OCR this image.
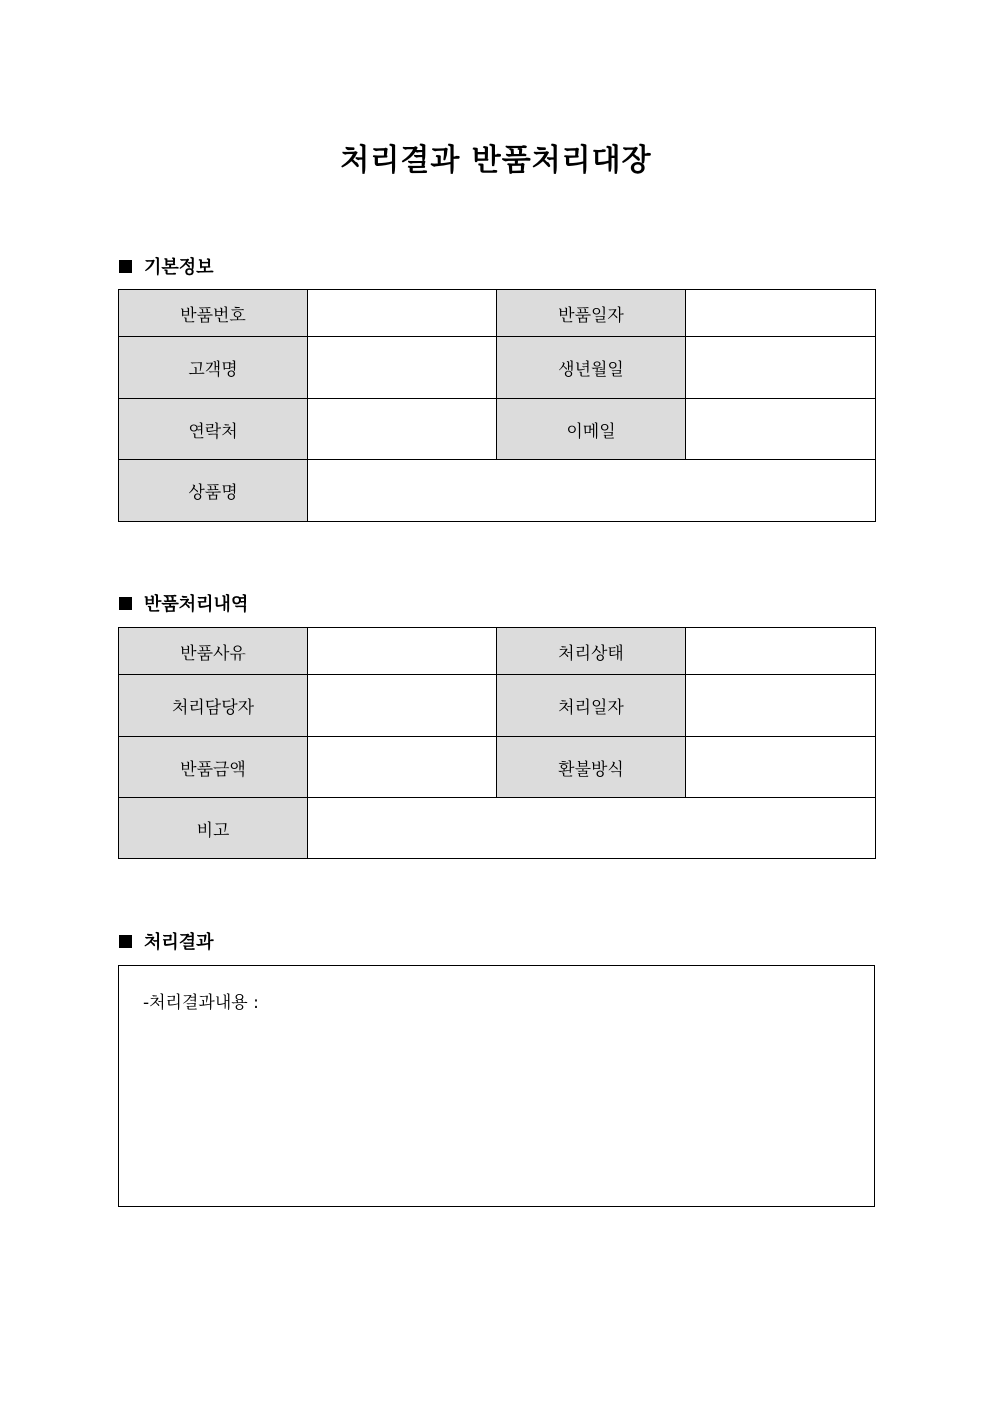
처리결과 반품처리대장
기본정보
반품번호		반품일자	
고객명		생년월일	
연락처		이메일	
상품명			
반품처리내역
반품사유		처리상태	
처리담당자		처리일자	
반품금액		환불방식	
비고			
처리결과
-처리결과내용 :
